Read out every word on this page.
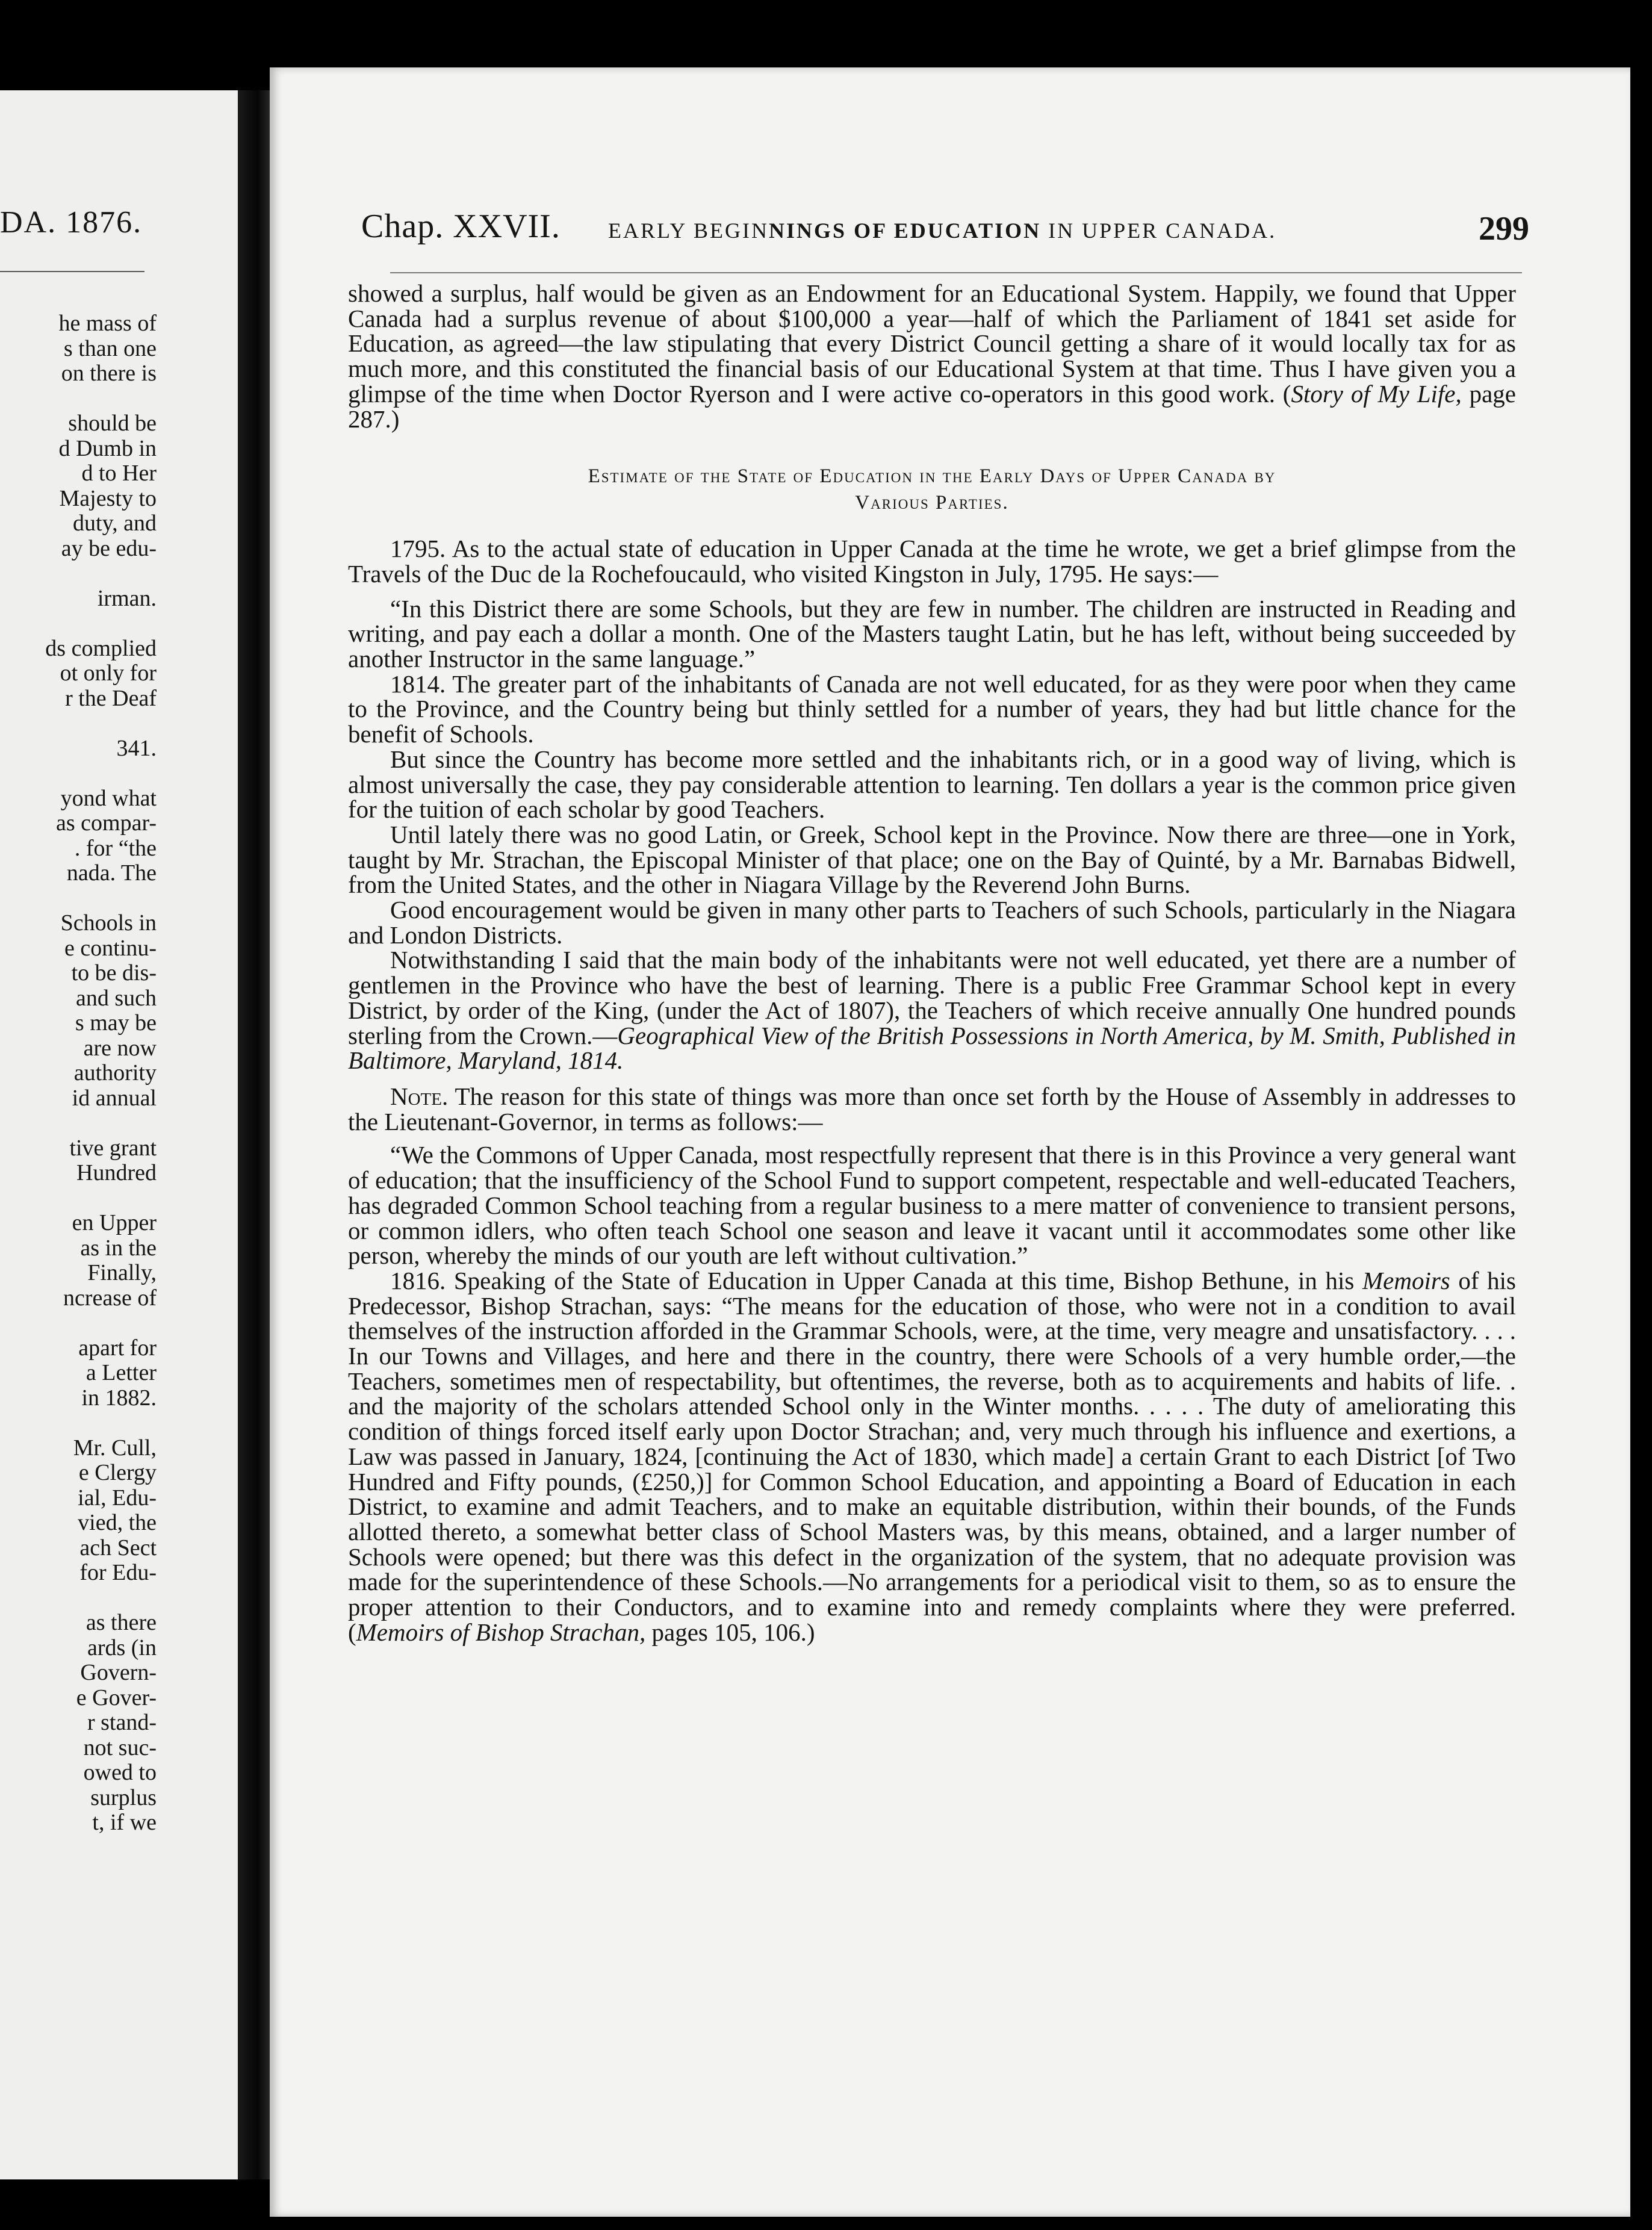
DA. 1876.
he mass of
s than one
on there is
should be
d Dumb in
d to Her
Majesty to
duty, and
ay be edu-
irman.
ds complied
ot only for
r the Deaf
341.
yond what
as compar-
. for “the
nada. The
Schools in
e continu-
to be dis-
and such
s may be
are now
authority
id annual
tive grant
Hundred
en Upper
as in the
Finally,
ncrease of
apart for
a Letter
in 1882.
Mr. Cull,
e Clergy
ial, Edu-
vied, the
ach Sect
for Edu-
as there
ards (in
Govern-
e Gover-
r stand-
not suc-
owed to
surplus
t, if we
Chap. XXVII. EARLY BEGINNINGS OF EDUCATION IN UPPER CANADA.	299

showed a surplus, half would be given as an Endowment for an Educational System. Happily, we found that Upper Canada had a surplus revenue of about $100,000 a year—half of which the Parliament of 1841 set aside for Education, as agreed—the law stipulating that every District Council getting a share of it would locally tax for as much more, and this constituted the financial basis of our Educational System at that time. Thus I have given you a glimpse of the time when Doctor Ryerson and I were active co-operators in this good work. (Story of My Life, page 287.)

Estimate of the State of Education in the Early Days of Upper Canada by
Various Parties.

1795. As to the actual state of education in Upper Canada at the time he wrote, we get a brief glimpse from the Travels of the Duc de la Rochefoucauld, who visited Kingston in July, 1795. He says:—

“In this District there are some Schools, but they are few in number. The children are instructed in Reading and writing, and pay each a dollar a month. One of the Masters taught Latin, but he has left, without being succeeded by another Instructor in the same language.”

1814. The greater part of the inhabitants of Canada are not well educated, for as they were poor when they came to the Province, and the Country being but thinly settled for a number of years, they had but little chance for the benefit of Schools.

But since the Country has become more settled and the inhabitants rich, or in a good way of living, which is almost universally the case, they pay considerable attention to learning. Ten dollars a year is the common price given for the tuition of each scholar by good Teachers.

Until lately there was no good Latin, or Greek, School kept in the Province. Now there are three—one in York, taught by Mr. Strachan, the Episcopal Minister of that place; one on the Bay of Quinté, by a Mr. Barnabas Bidwell, from the United States, and the other in Niagara Village by the Reverend John Burns.

Good encouragement would be given in many other parts to Teachers of such Schools, particularly in the Niagara and London Districts.

Notwithstanding I said that the main body of the inhabitants were not well educated, yet there are a number of gentlemen in the Province who have the best of learning. There is a public Free Grammar School kept in every District, by order of the King, (under the Act of 1807), the Teachers of which receive annually One hundred pounds sterling from the Crown.—Geographical View of the British Possessions in North America, by M. Smith, Published in Baltimore, Maryland, 1814.

Note. The reason for this state of things was more than once set forth by the House of Assembly in addresses to the Lieutenant-Governor, in terms as follows:—

“We the Commons of Upper Canada, most respectfully represent that there is in this Province a very general want of education; that the insufficiency of the School Fund to support competent, respectable and well-educated Teachers, has degraded Common School teaching from a regular business to a mere matter of convenience to transient persons, or common idlers, who often teach School one season and leave it vacant until it accommodates some other like person, whereby the minds of our youth are left without cultivation.”

1816. Speaking of the State of Education in Upper Canada at this time, Bishop Bethune, in his Memoirs of his Predecessor, Bishop Strachan, says: “The means for the education of those, who were not in a condition to avail themselves of the instruction afforded in the Grammar Schools, were, at the time, very meagre and unsatisfactory. . . . In our Towns and Villages, and here and there in the country, there were Schools of a very humble order,—the Teachers, sometimes men of respectability, but oftentimes, the reverse, both as to acquirements and habits of life. . and the majority of the scholars attended School only in the Winter months. . . . . The duty of ameliorating this condition of things forced itself early upon Doctor Strachan; and, very much through his influence and exertions, a Law was passed in January, 1824, [continuing the Act of 1830, which made] a certain Grant to each District [of Two Hundred and Fifty pounds, (£250,)] for Common School Education, and appointing a Board of Education in each District, to examine and admit Teachers, and to make an equitable distribution, within their bounds, of the Funds allotted thereto, a somewhat better class of School Masters was, by this means, obtained, and a larger number of Schools were opened; but there was this defect in the organization of the system, that no adequate provision was made for the superintendence of these Schools.—No arrangements for a periodical visit to them, so as to ensure the proper attention to their Conductors, and to examine into and remedy complaints where they were preferred. (Memoirs of Bishop Strachan, pages 105, 106.)
